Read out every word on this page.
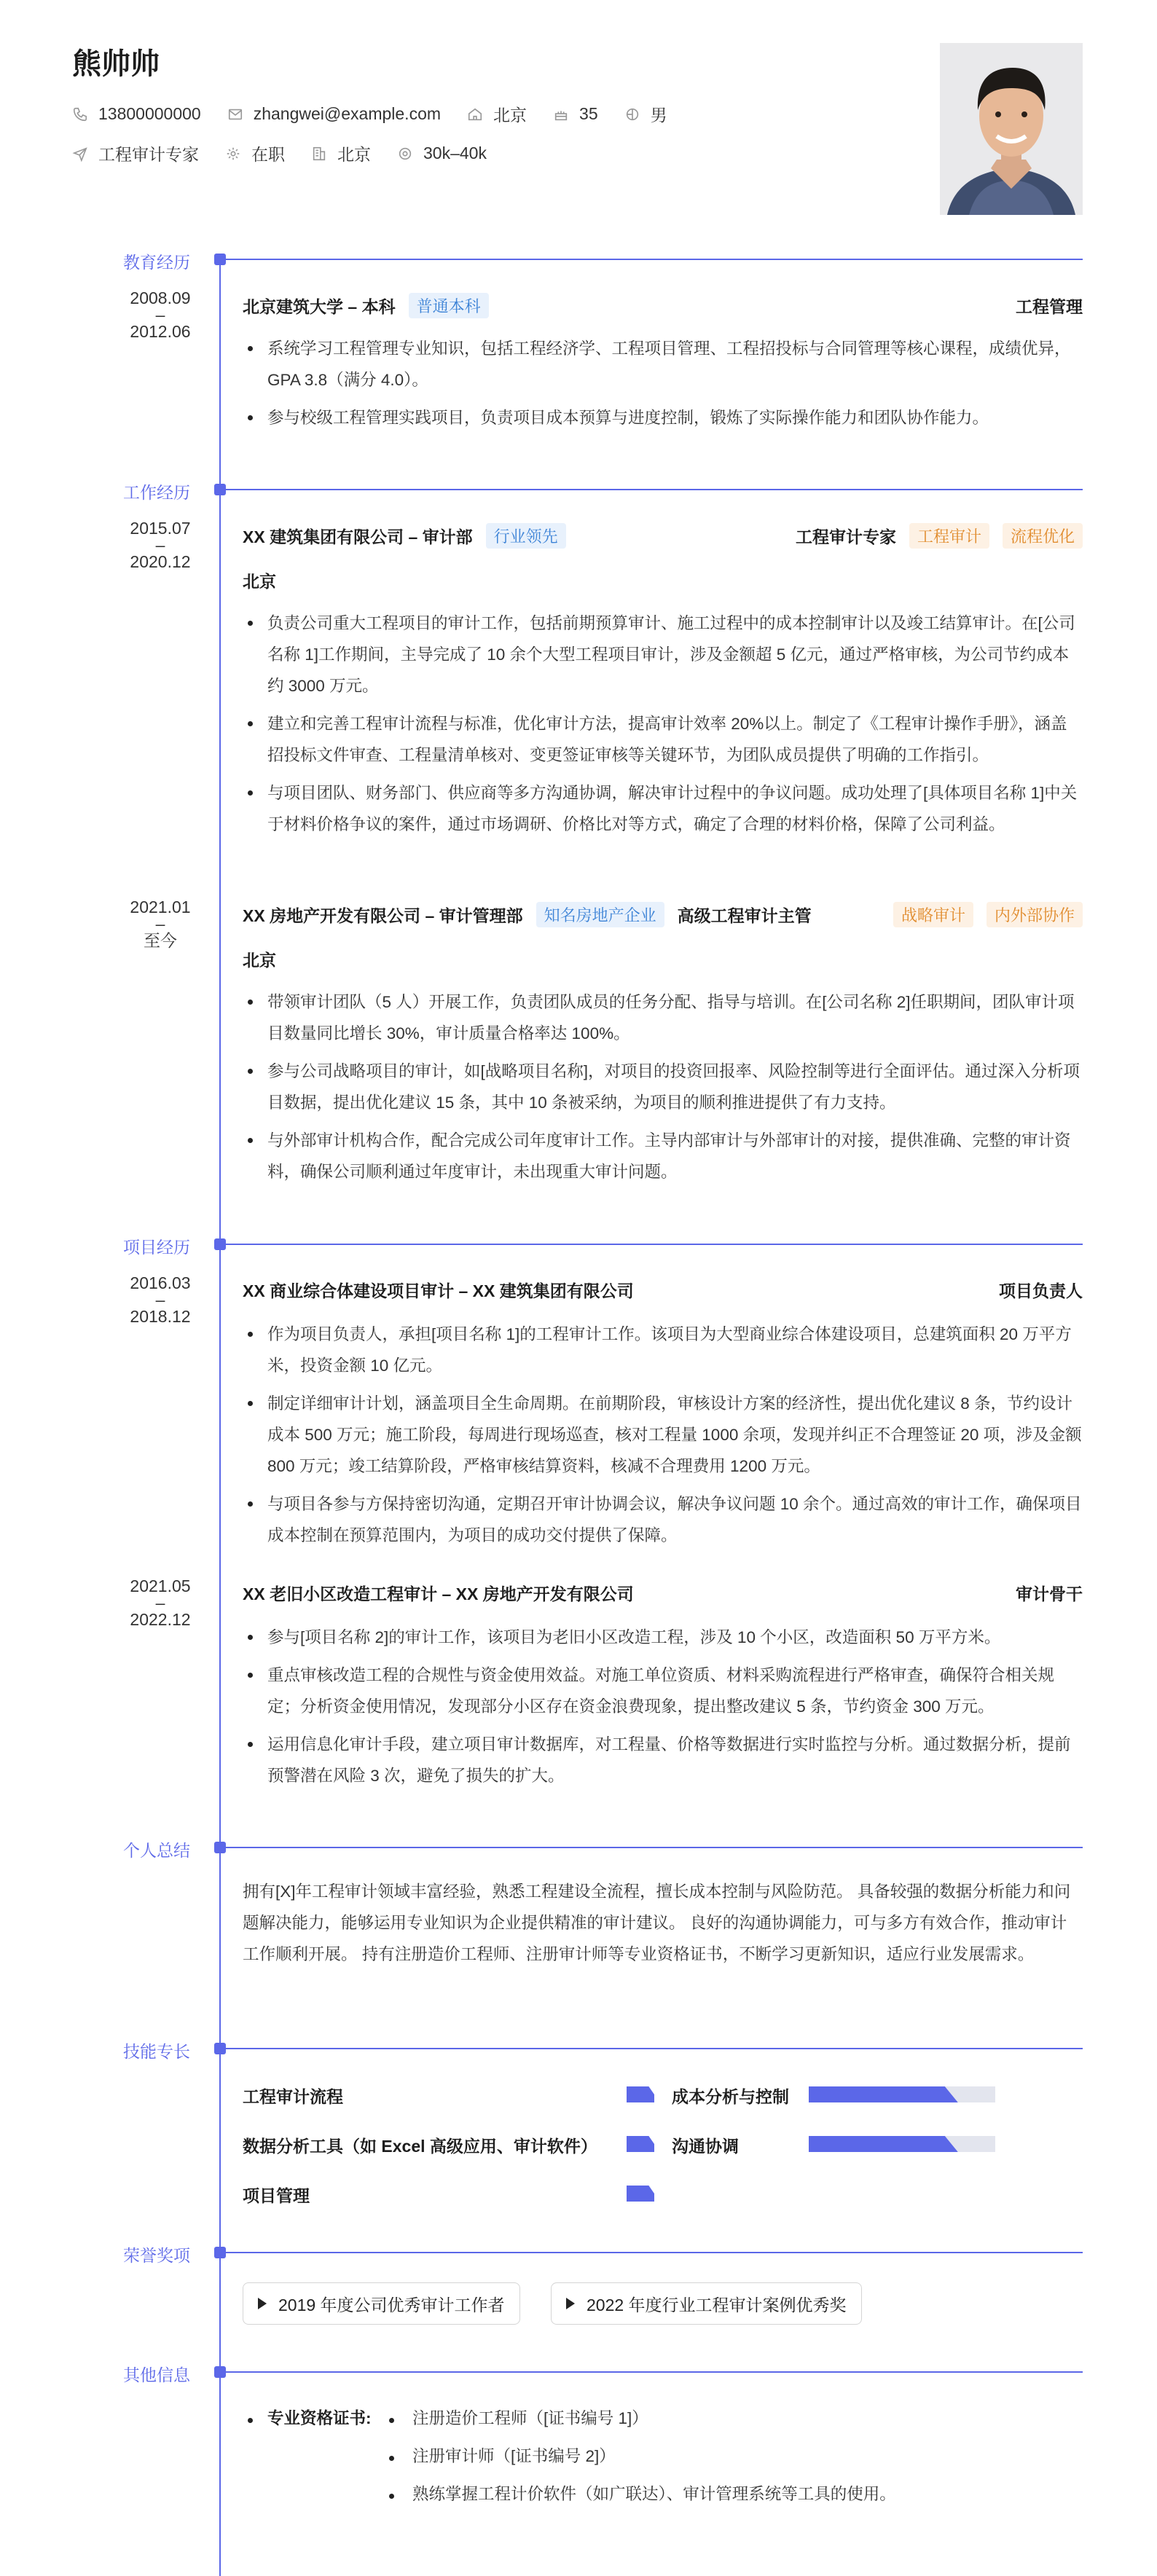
熊帅帅
13800000000	zhangwei@example.com	北京	35	男
工程审计专家	在职	北京	30k–40k
教育经历
2008.09
–
2012.06
北京建筑大学 – 本科	普通本科	工程管理
系统学习工程管理专业知识，包括工程经济学、工程项目管理、工程招投标与合同管理等核心课程，成绩优异，GPA 3.8（满分 4.0）。
参与校级工程管理实践项目，负责项目成本预算与进度控制，锻炼了实际操作能力和团队协作能力。
工作经历
2015.07
–
2020.12
XX 建筑集团有限公司 – 审计部	行业领先	工程审计专家	工程审计	流程优化
北京
负责公司重大工程项目的审计工作，包括前期预算审计、施工过程中的成本控制审计以及竣工结算审计。在[公司名称 1]工作期间，主导完成了 10 余个大型工程项目审计，涉及金额超 5 亿元，通过严格审核，为公司节约成本约 3000 万元。
建立和完善工程审计流程与标准，优化审计方法，提高审计效率 20%以上。制定了《工程审计操作手册》，涵盖招投标文件审查、工程量清单核对、变更签证审核等关键环节，为团队成员提供了明确的工作指引。
与项目团队、财务部门、供应商等多方沟通协调，解决审计过程中的争议问题。成功处理了[具体项目名称 1]中关于材料价格争议的案件，通过市场调研、价格比对等方式，确定了合理的材料价格，保障了公司利益。
2021.01
–
至今
XX 房地产开发有限公司 – 审计管理部	知名房地产企业	高级工程审计主管	战略审计	内外部协作
北京
带领审计团队（5 人）开展工作，负责团队成员的任务分配、指导与培训。在[公司名称 2]任职期间，团队审计项目数量同比增长 30%，审计质量合格率达 100%。
参与公司战略项目的审计，如[战略项目名称]，对项目的投资回报率、风险控制等进行全面评估。通过深入分析项目数据，提出优化建议 15 条，其中 10 条被采纳，为项目的顺利推进提供了有力支持。
与外部审计机构合作，配合完成公司年度审计工作。主导内部审计与外部审计的对接，提供准确、完整的审计资料，确保公司顺利通过年度审计，未出现重大审计问题。
项目经历
2016.03
–
2018.12
XX 商业综合体建设项目审计 – XX 建筑集团有限公司	项目负责人
作为项目负责人，承担[项目名称 1]的工程审计工作。该项目为大型商业综合体建设项目，总建筑面积 20 万平方米，投资金额 10 亿元。
制定详细审计计划，涵盖项目全生命周期。在前期阶段，审核设计方案的经济性，提出优化建议 8 条，节约设计成本 500 万元；施工阶段，每周进行现场巡查，核对工程量 1000 余项，发现并纠正不合理签证 20 项，涉及金额 800 万元；竣工结算阶段，严格审核结算资料，核减不合理费用 1200 万元。
与项目各参与方保持密切沟通，定期召开审计协调会议，解决争议问题 10 余个。通过高效的审计工作，确保项目成本控制在预算范围内，为项目的成功交付提供了保障。
2021.05
–
2022.12
XX 老旧小区改造工程审计 – XX 房地产开发有限公司	审计骨干
参与[项目名称 2]的审计工作，该项目为老旧小区改造工程，涉及 10 个小区，改造面积 50 万平方米。
重点审核改造工程的合规性与资金使用效益。对施工单位资质、材料采购流程进行严格审查，确保符合相关规定；分析资金使用情况，发现部分小区存在资金浪费现象，提出整改建议 5 条，节约资金 300 万元。
运用信息化审计手段，建立项目审计数据库，对工程量、价格等数据进行实时监控与分析。通过数据分析，提前预警潜在风险 3 次，避免了损失的扩大。
个人总结
拥有[X]年工程审计领域丰富经验，熟悉工程建设全流程，擅长成本控制与风险防范。 具备较强的数据分析能力和问题解决能力，能够运用专业知识为企业提供精准的审计建议。 良好的沟通协调能力，可与多方有效合作，推动审计工作顺利开展。 持有注册造价工程师、注册审计师等专业资格证书，不断学习更新知识，适应行业发展需求。
技能专长
工程审计流程	成本分析与控制
数据分析工具（如 Excel 高级应用、审计软件）	沟通协调
项目管理
荣誉奖项
2019 年度公司优秀审计工作者	2022 年度行业工程审计案例优秀奖
其他信息
专业资格证书:	注册造价工程师（[证书编号 1]）
注册审计师（[证书编号 2]）
熟练掌握工程计价软件（如广联达）、审计管理系统等工具的使用。
